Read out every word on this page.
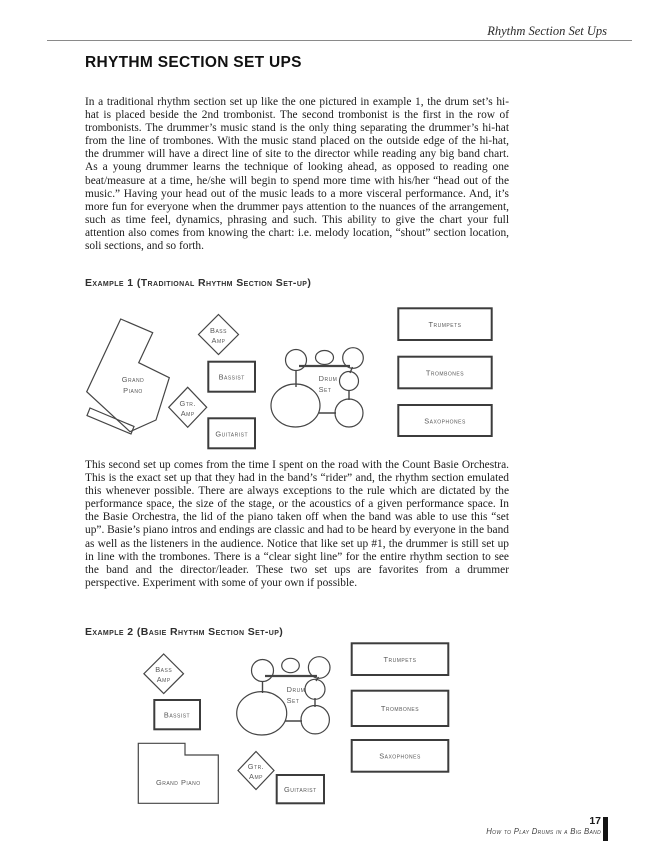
Rhythm Section Set Ups
RHYTHM SECTION SET UPS

In a traditional rhythm section set up like the one pictured in example 1, the drum set’s hi-hat is placed beside the 2nd trombonist. The second trombonist is the first in the row of trombonists. The drummer’s music stand is the only thing separating the drummer’s hi-hat from the line of trombones. With the music stand placed on the outside edge of the hi-hat, the drummer will have a direct line of site to the director while reading any big band chart. As a young drummer learns the technique of looking ahead, as opposed to reading one beat/measure at a time, he/she will begin to spend more time with his/her “head out of the music.” Having your head out of the music leads to a more visceral performance. And, it’s more fun for everyone when the drummer pays attention to the nuances of the arrangement, such as time feel, dynamics, phrasing and such. This ability to give the chart your full attention also comes from knowing the chart: i.e. melody location, “shout” section location, soli sections, and so forth.

Example 1 (Traditional Rhythm Section Set-up)
Grand
Piano
Bass
Amp
Bassist
Gtr.
Amp
Guitarist
Drum
Set
Trumpets
Trombones
Saxophones

This second set up comes from the time I spent on the road with the Count Basie Orchestra. This is the exact set up that they had in the band’s “rider” and, the rhythm section emulated this whenever possible. There are always exceptions to the rule which are dictated by the performance space, the size of the stage, or the acoustics of a given performance space. In the Basie Orchestra, the lid of the piano taken off when the band was able to use this “set up”. Basie’s piano intros and endings are classic and had to be heard by everyone in the band as well as the listeners in the audience. Notice that like set up #1, the drummer is still set up in line with the trombones. There is a “clear sight line” for the entire rhythm section to see the band and the director/leader. These two set ups are favorites from a drummer perspective. Experiment with some of your own if possible.

Example 2 (Basie Rhythm Section Set-up)
Bass
Amp
Bassist
Grand Piano
Drum
Set
Gtr.
Amp
Guitarist
Trumpets
Trombones
Saxophones
17
How to Play Drums in a Big Band
